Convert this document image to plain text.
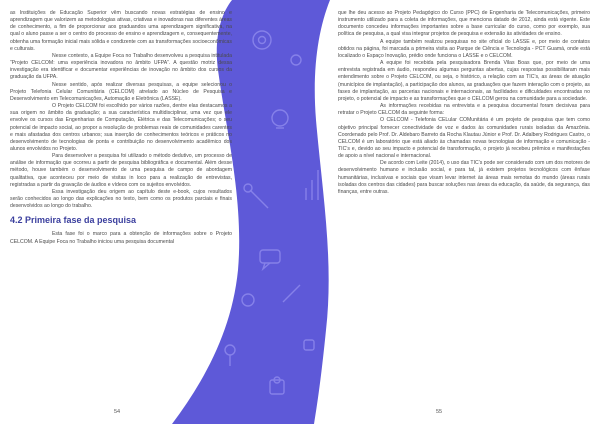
as Instituições de Educação Superior vêm buscando novas estratégias de ensino e aprendizagem que valorizem as metodologias ativas, criativas e inovadoras nas diferentes áreas de conhecimento, a fim de proporcionar aos graduandos uma aprendizagem significativa, na qual o aluno passe a ser o centro do processo de ensino e aprendizagem e, consequentemente, obtenha uma formação inicial mais sólida e condizente com as transformações socioeconômicas e culturais.

Nesse contexto, a Equipe Foca no Trabalho desenvolveu a pesquisa intitulada “Projeto CELCOM: uma experiência inovadora no âmbito UFPA”. A questão motriz dessa investigação era identificar e documentar experiências de inovação no âmbito dos cursos da graduação da UFPA.

Nesse sentido, após realizar diversas pesquisas, a equipe selecionou o Projeto Telefonia Celular Comunitária (CELCOM) atrelado ao Núcleo de Pesquisa e Desenvolvimento em Telecomunicações, Automação e Eletrônica (LASSE).

O Projeto CELCOM foi escolhido por vários razões, dentre elas destacamos a sua origem no âmbito da graduação; a sua característica multidisciplinar, uma vez que ele envolve os cursos das Engenharias de Computação, Elétrica e das Telecomunicações; o seu potencial de impacto social, ao propor a resolução de problemas reais de comunidades carentes e mais afastadas dos centros urbanos; sua inserção de conhecimentos teóricos e práticos no desenvolvimento de tecnologias de ponta e contribuição no desenvolvimento acadêmico dos alunos envolvidos no Projeto.

Para desenvolver a pesquisa foi utilizado o método dedutivo, um processo de análise de informação que ocorreu a partir de pesquisa bibliográfica e documental. Além desse método, houve também o desenvolvimento de uma pesquisa de campo de abordagem qualitativa, que aconteceu por meio de visitas in loco para a realização de entrevistas, registradas a partir da gravação de áudios e vídeos com os sujeitos envolvidos.

Essa investigação deu origem ao capítulo deste e-book, cujos resultados serão conhecidos ao longo das explicações no texto, bem como os produtos parciais e finais desenvolvidos ao longo do trabalho.

4.2 Primeira fase da pesquisa

Esta fase foi o marco para a obtenção de informações sobre o Projeto CELCOM. A Equipe Foca no Trabalho iniciou uma pesquisa documental

54

que lhe deu acesso ao Projeto Pedagógico do Curso (PPC) de Engenharia de Telecomunicações, primeiro instrumento utilizado para a coleta de informações, que menciona datado de 2012, ainda está vigente. Este documento concedeu informações importantes sobre a base curricular do curso, como por exemplo, sua política de pesquisa, a qual visa integrar projetos de pesquisa e extensão às atividades de ensino.

A equipe também realizou pesquisas no site oficial do LASSE e, por meio de contatos obtidos na página, foi marcada a primeira visita ao Parque de Ciência e Tecnologia - PCT Guamá, onde está localizado o Espaço Inovação, prédio onde funciona o LASSE e o CELCOM.

A equipe foi recebida pela pesquisadora Brenda Vilas Boas que, por meio de uma entrevista registrada em áudio, respondeu algumas perguntas abertas, cujas respostas possibilitaram mais entendimento sobre o Projeto CELCOM, ou seja, o histórico, a relação com as TIC’s, as áreas de atuação (municípios de implantação), a participação dos alunos, as graduações que fazem interação com o projeto, as fases de implantação, as parcerias nacionais e internacionais, as facilidades e dificuldades encontradas no projeto, o potencial de impacto e as transformações que o CELCOM gerou na comunidade para a sociedade.

As informações recebidas na entrevista e a pesquisa documental foram decisivas para retratar o Projeto CELCOM da seguinte forma:

O CELCOM - Telefonia CELular COMunitária é um projeto de pesquisa que tem como objetivo principal fornecer conectividade de voz e dados às comunidades rurais isoladas da Amazônia. Coordenado pelo Prof. Dr. Aldebaro Barreto da Rocha Klautau Júnior e Prof. Dr. Adalbery Rodrigues Castro, o CELCOM é um laboratório que está aliado às chamadas novas tecnologias de informação e comunicação - TIC’s e, devido ao seu impacto e potencial de transformação, o projeto já recebeu prêmios e manifestações de apoio a nível nacional e internacional.

De acordo com Leite (2014), o uso das TIC’s pode ser considerado com um dos motores de desenvolvimento humano e inclusão social, e para tal, já existem projetos tecnológicos com ênfase humanitárias, inclusivas e sociais que visam levar internet às áreas mais remotas do mundo (áreas rurais isoladas dos centros das cidades) para buscar soluções nas áreas da educação, da saúde, da segurança, das finanças, entre outras.

55
